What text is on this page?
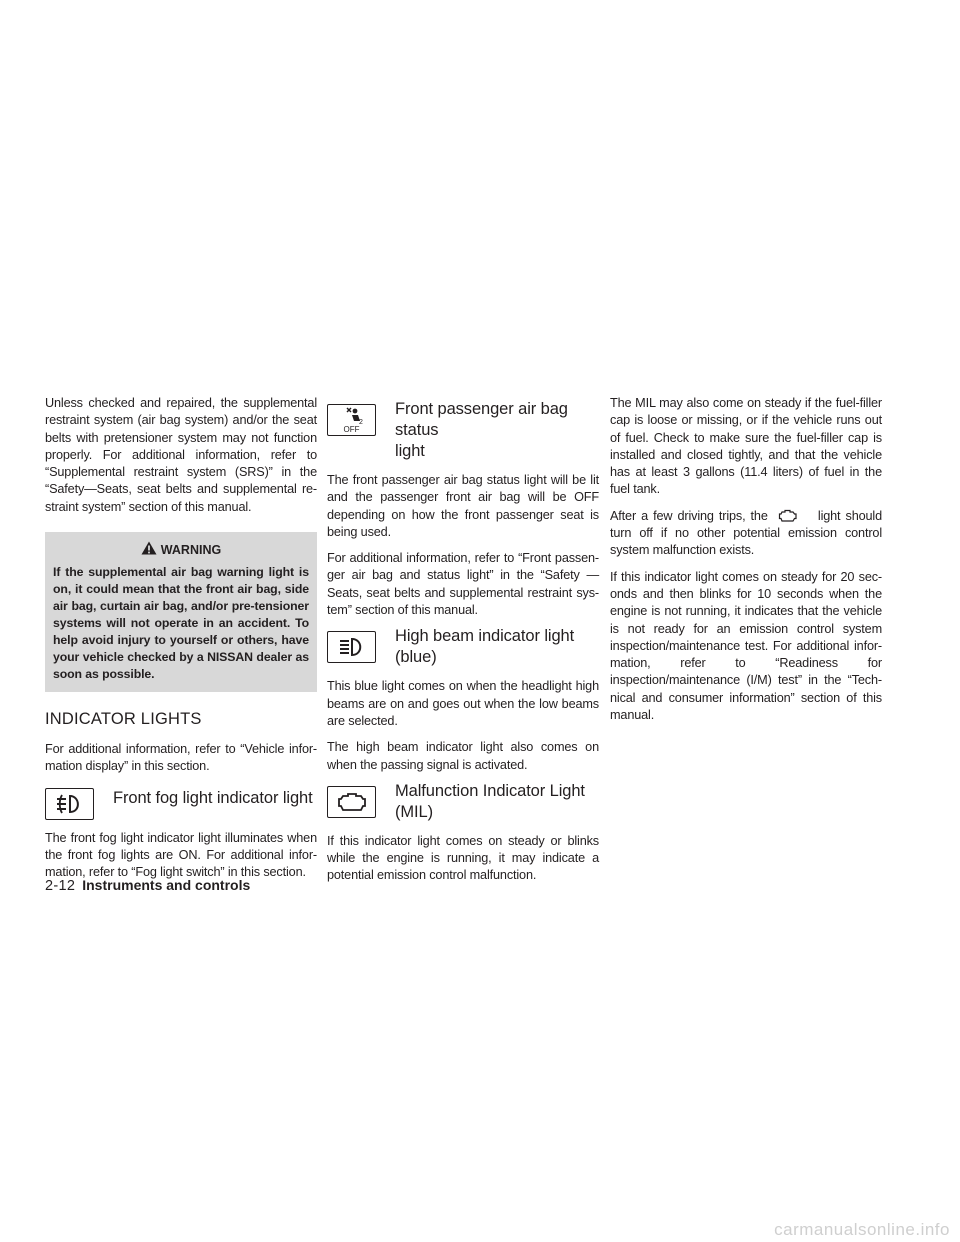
Unless checked and repaired, the supplemental restraint system (air bag system) and/or the seat belts with pretensioner system may not function properly. For additional information, refer to “Supplemental restraint system (SRS)” in the “Safety—Seats, seat belts and supplemental re-straint system” section of this manual.

WARNING
If the supplemental air bag warning light is on, it could mean that the front air bag, side air bag, curtain air bag, and/or pre-tensioner systems will not operate in an accident. To help avoid injury to yourself or others, have your vehicle checked by a NISSAN dealer as soon as possible.
INDICATOR LIGHTS

For additional information, refer to “Vehicle infor-mation display” in this section.

Front fog light indicator light

The front fog light indicator light illuminates when the front fog lights are ON. For additional infor-mation, refer to “Fog light switch” in this section.

2
OFF
Front passenger air bag status
light

The front passenger air bag status light will be lit and the passenger front air bag will be OFF depending on how the front passenger seat is being used.

For additional information, refer to “Front passen-ger air bag and status light” in the “Safety — Seats, seat belts and supplemental restraint sys-tem” section of this manual.

High beam indicator light
(blue)

This blue light comes on when the headlight high beams are on and goes out when the low beams are selected.

The high beam indicator light also comes on when the passing signal is activated.

Malfunction Indicator Light
(MIL)

If this indicator light comes on steady or blinks while the engine is running, it may indicate a potential emission control malfunction.

The MIL may also come on steady if the fuel-filler cap is loose or missing, or if the vehicle runs out of fuel. Check to make sure the fuel-filler cap is installed and closed tightly, and that the vehicle has at least 3 gallons (11.4 liters) of fuel in the fuel tank.

After a few driving trips, the	light should turn off if no other potential emission control system malfunction exists.

If this indicator light comes on steady for 20 sec-onds and then blinks for 10 seconds when the engine is not running, it indicates that the vehicle is not ready for an emission control system inspection/maintenance test. For additional infor-mation, refer to “Readiness for inspection/maintenance (I/M) test” in the “Tech-nical and consumer information” section of this manual.

2-12 Instruments and controls
carmanualsonline.info
